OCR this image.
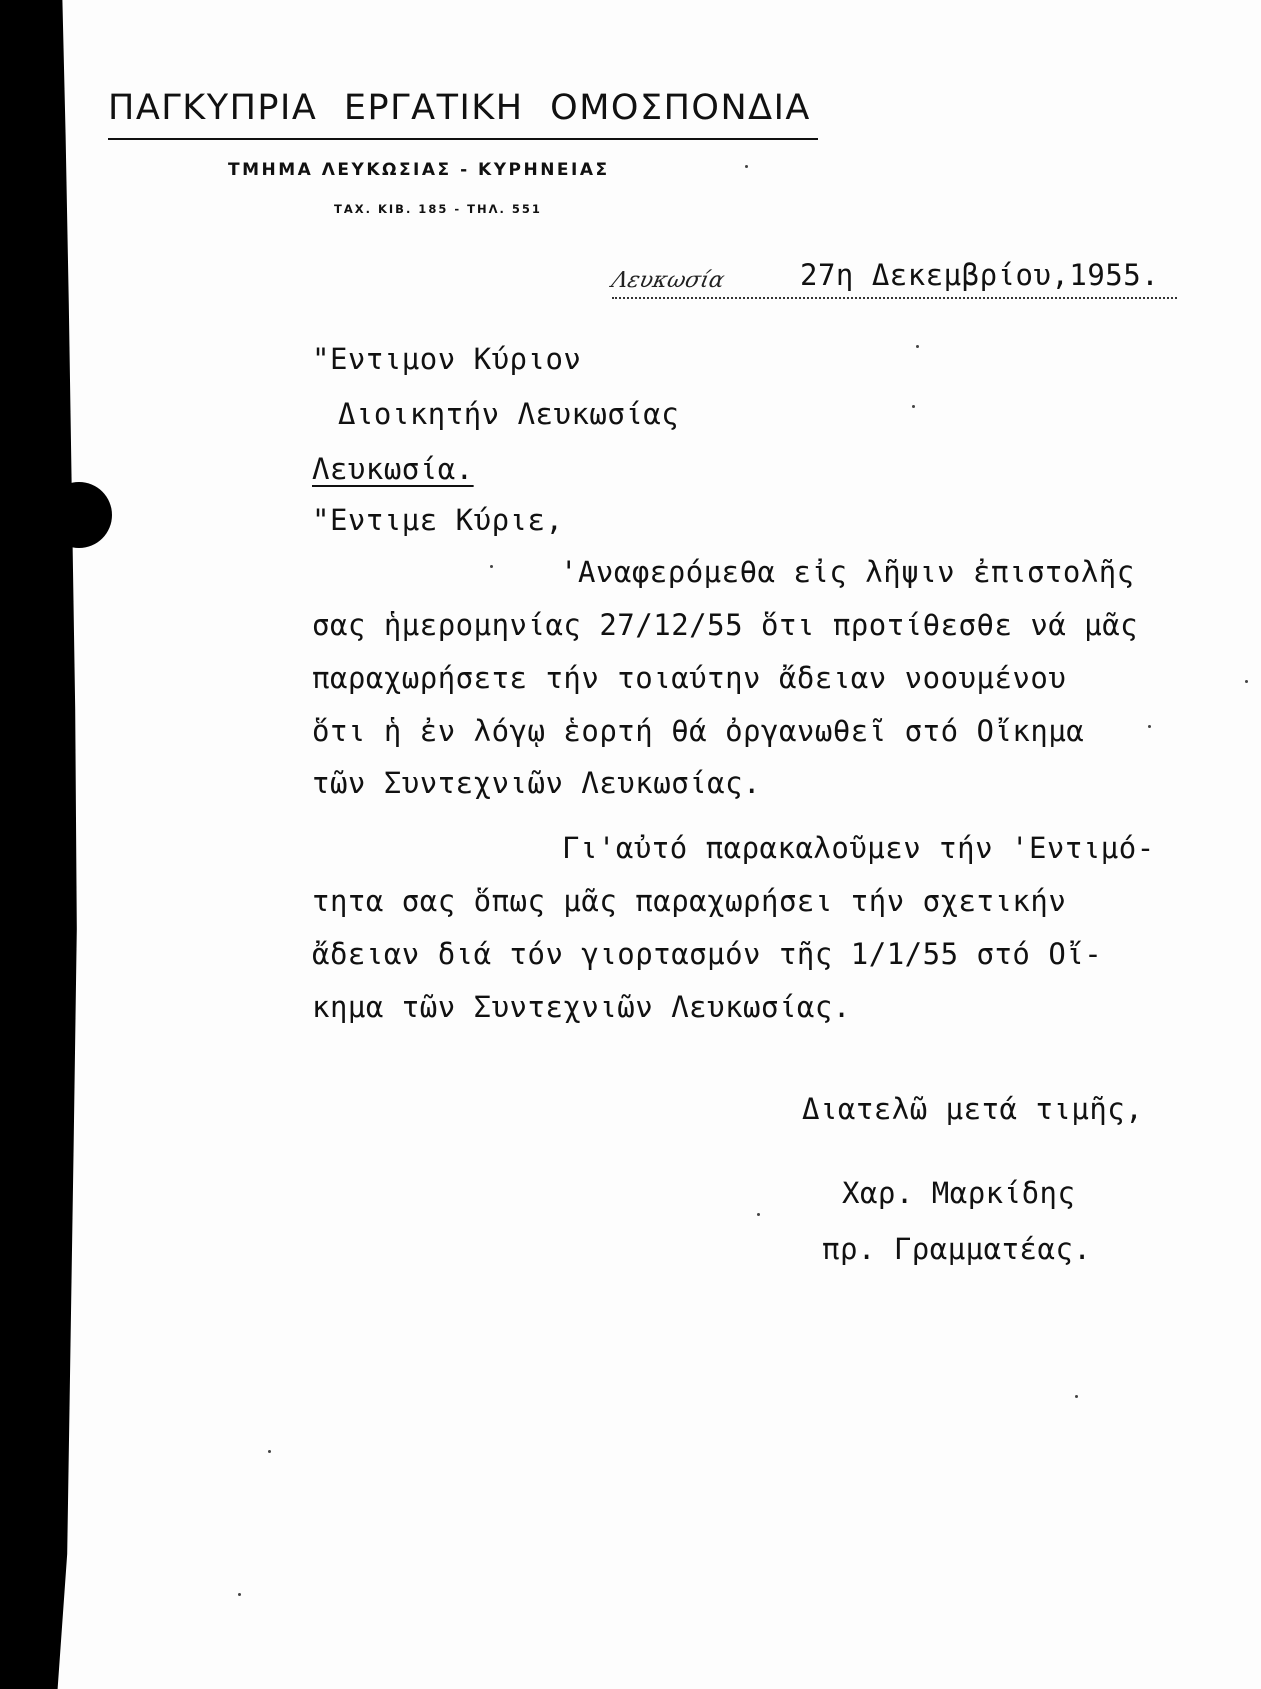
ΠΑΓΚΥΠΡΙΑ ΕΡΓΑΤΙΚΗ ΟΜΟΣΠΟΝΔΙΑ
ΤΜΗΜΑ ΛΕΥΚΩΣΙΑΣ - ΚΥΡΗΝΕΙΑΣ
ΤΑΧ. ΚΙΒ. 185 - ΤΗΛ. 551
Λευκωσία	27η Δεκεμβρίου,1955.
"Εντιμον Κύριον
Διοικητήν Λευκωσίας
Λευκωσία.
"Εντιμε Κύριε,
'Αναφερόμεθα εἰς λῆψιν ἐπιστολῆς
σας ἡμερομηνίας 27/12/55 ὅτι προτίθεσθε νά μᾶς
παραχωρήσετε τήν τοιαύτην ἄδειαν νοουμένου
ὅτι ἡ ἐν λόγῳ ἑορτή θά ὀργανωθεῖ στό Οἴκημα
τῶν Συντεχνιῶν Λευκωσίας.
Γι'αὐτό παρακαλοῦμεν τήν 'Εντιμό-
τητα σας ὅπως μᾶς παραχωρήσει τήν σχετικήν
ἄδειαν διά τόν γιορτασμόν τῆς 1/1/55 στό Οἴ-
κημα τῶν Συντεχνιῶν Λευκωσίας.
Διατελῶ μετά τιμῆς,
Χαρ. Μαρκίδης
πρ. Γραμματέας.
